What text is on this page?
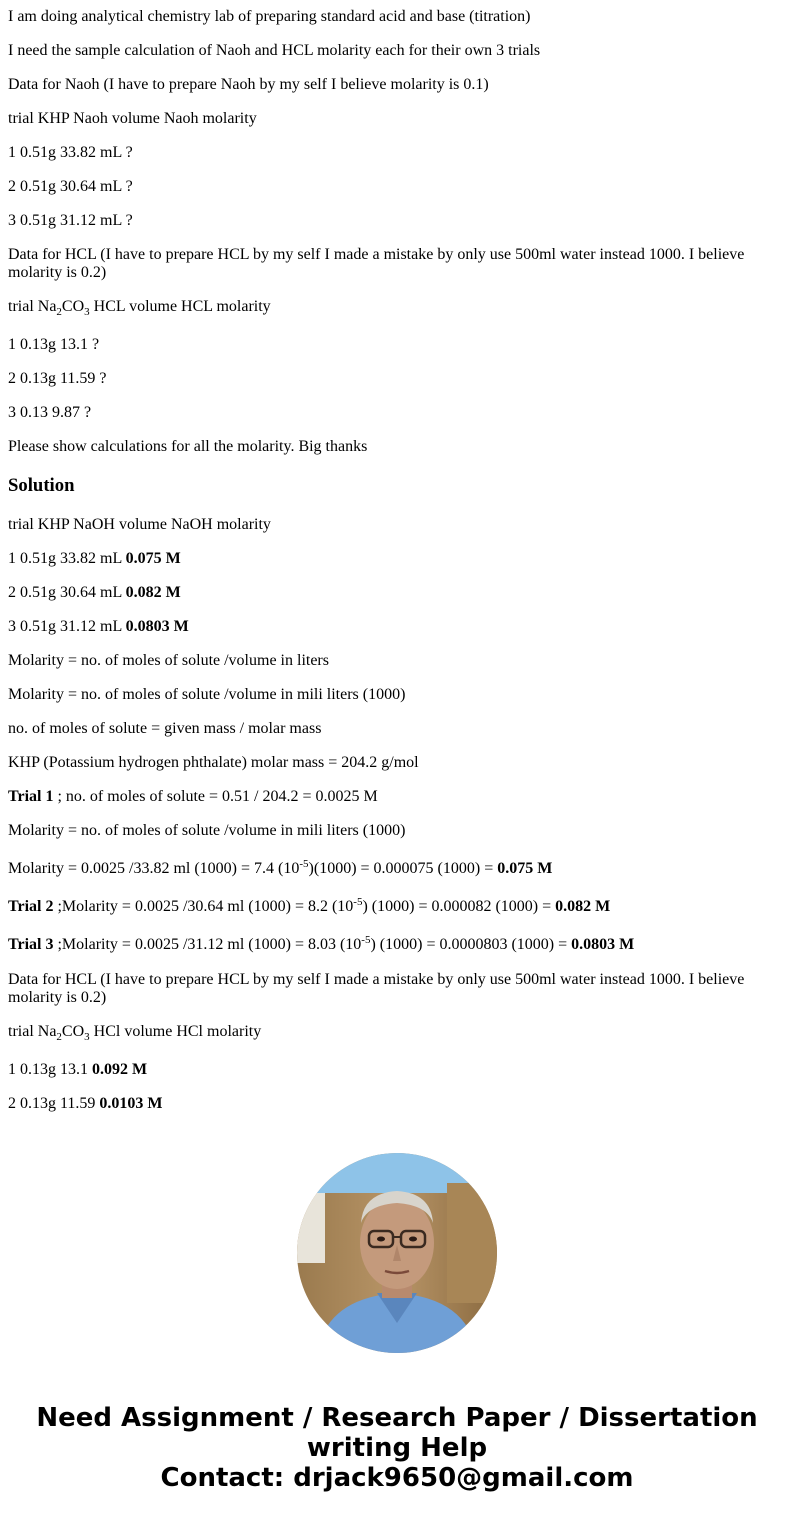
I am doing analytical chemistry lab of preparing standard acid and base (titration)

I need the sample calculation of Naoh and HCL molarity each for their own 3 trials

Data for Naoh (I have to prepare Naoh by my self I believe molarity is 0.1)

trial KHP Naoh volume Naoh molarity

1 0.51g 33.82 mL ?

2 0.51g 30.64 mL ?

3 0.51g 31.12 mL ?

Data for HCL (I have to prepare HCL by my self I made a mistake by only use 500ml water instead 1000. I believe molarity is 0.2)

trial $Na_2CO_3$ HCL volume HCL molarity

1 0.13g 13.1 ?

2 0.13g 11.59 ?

3 0.13 9.87 ?

Please show calculations for all the molarity. Big thanks

Solution

trial KHP NaOH volume NaOH molarity

1 0.51g 33.82 mL 0.075 M

2 0.51g 30.64 mL 0.082 M

3 0.51g 31.12 mL 0.0803 M

Molarity = no. of moles of solute /volume in liters

Molarity = no. of moles of solute /volume in mili liters (1000)

no. of moles of solute = given mass / molar mass

KHP (Potassium hydrogen phthalate) molar mass = 204.2 g/mol

Trial 1 ; no. of moles of solute = 0.51 / 204.2 = 0.0025 M

Molarity = no. of moles of solute /volume in mili liters (1000)

Molarity = 0.0025 /33.82 ml (1000) = 7.4 $(10^{-5})(1000) = 0.000075$ (1000) = 0.075 M

Trial 2 ;Molarity = 0.0025 /30.64 ml (1000) = 8.2 $(10^{-5}) (1000) = 0.000082$ (1000) = 0.082 M

Trial 3 ;Molarity = 0.0025 /31.12 ml (1000) = 8.03 $(10^{-5}) (1000) = 0.0000803$ (1000) = 0.0803 M

Data for HCL (I have to prepare HCL by my self I made a mistake by only use 500ml water instead 1000. I believe molarity is 0.2)

trial $Na_2CO_3$ HCl volume HCl molarity

1 0.13g 13.1 0.092 M

2 0.13g 11.59 0.0103 M

Need Assignment / Research Paper / Dissertation
writing Help
Contact: drjack9650@gmail.com
